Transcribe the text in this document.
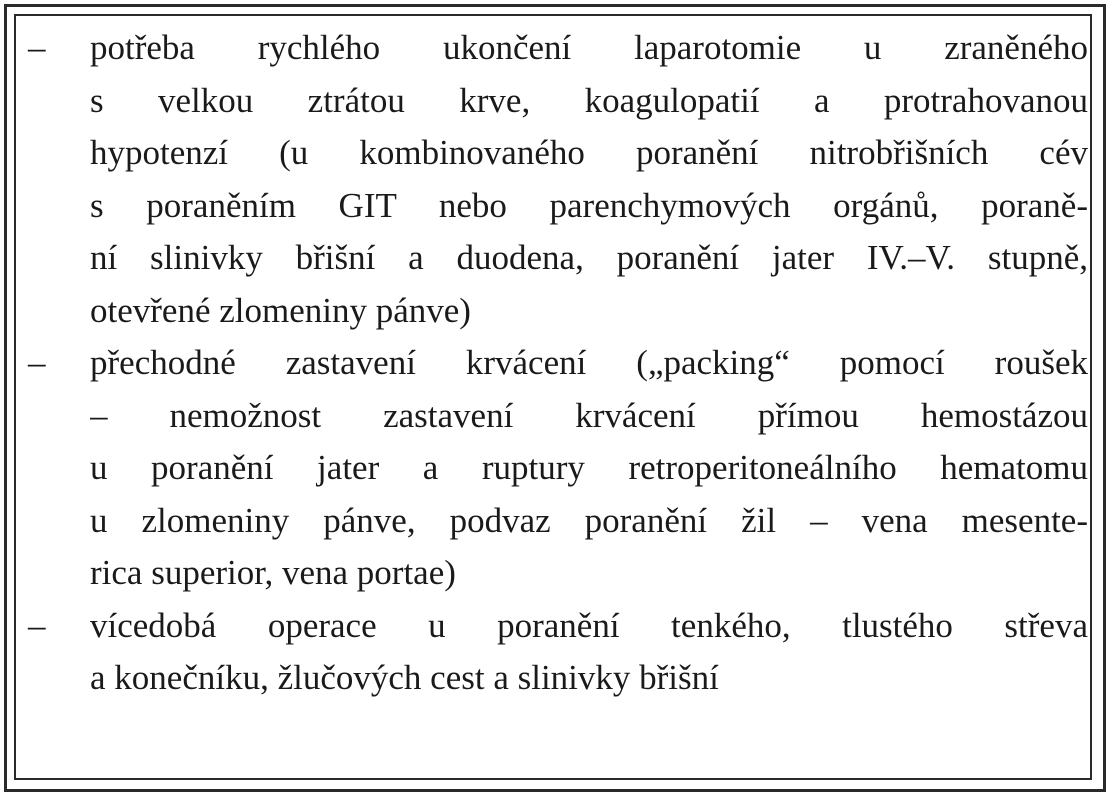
– potřeba rychlého ukončení laparotomie u zraněného
s velkou ztrátou krve, koagulopatií a protrahovanou
hypotenzí (u kombinovaného poranění nitrobřišních cév
s poraněním GIT nebo parenchymových orgánů, poraně-
ní slinivky břišní a duodena, poranění jater IV.–V. stupně,
otevřené zlomeniny pánve)
– přechodné zastavení krvácení („packing“ pomocí roušek
– nemožnost zastavení krvácení přímou hemostázou
u poranění jater a ruptury retroperitoneálního hematomu
u zlomeniny pánve, podvaz poranění žil – vena mesente-
rica superior, vena portae)
– vícedobá operace u poranění tenkého, tlustého střeva
a konečníku, žlučových cest a slinivky břišní
